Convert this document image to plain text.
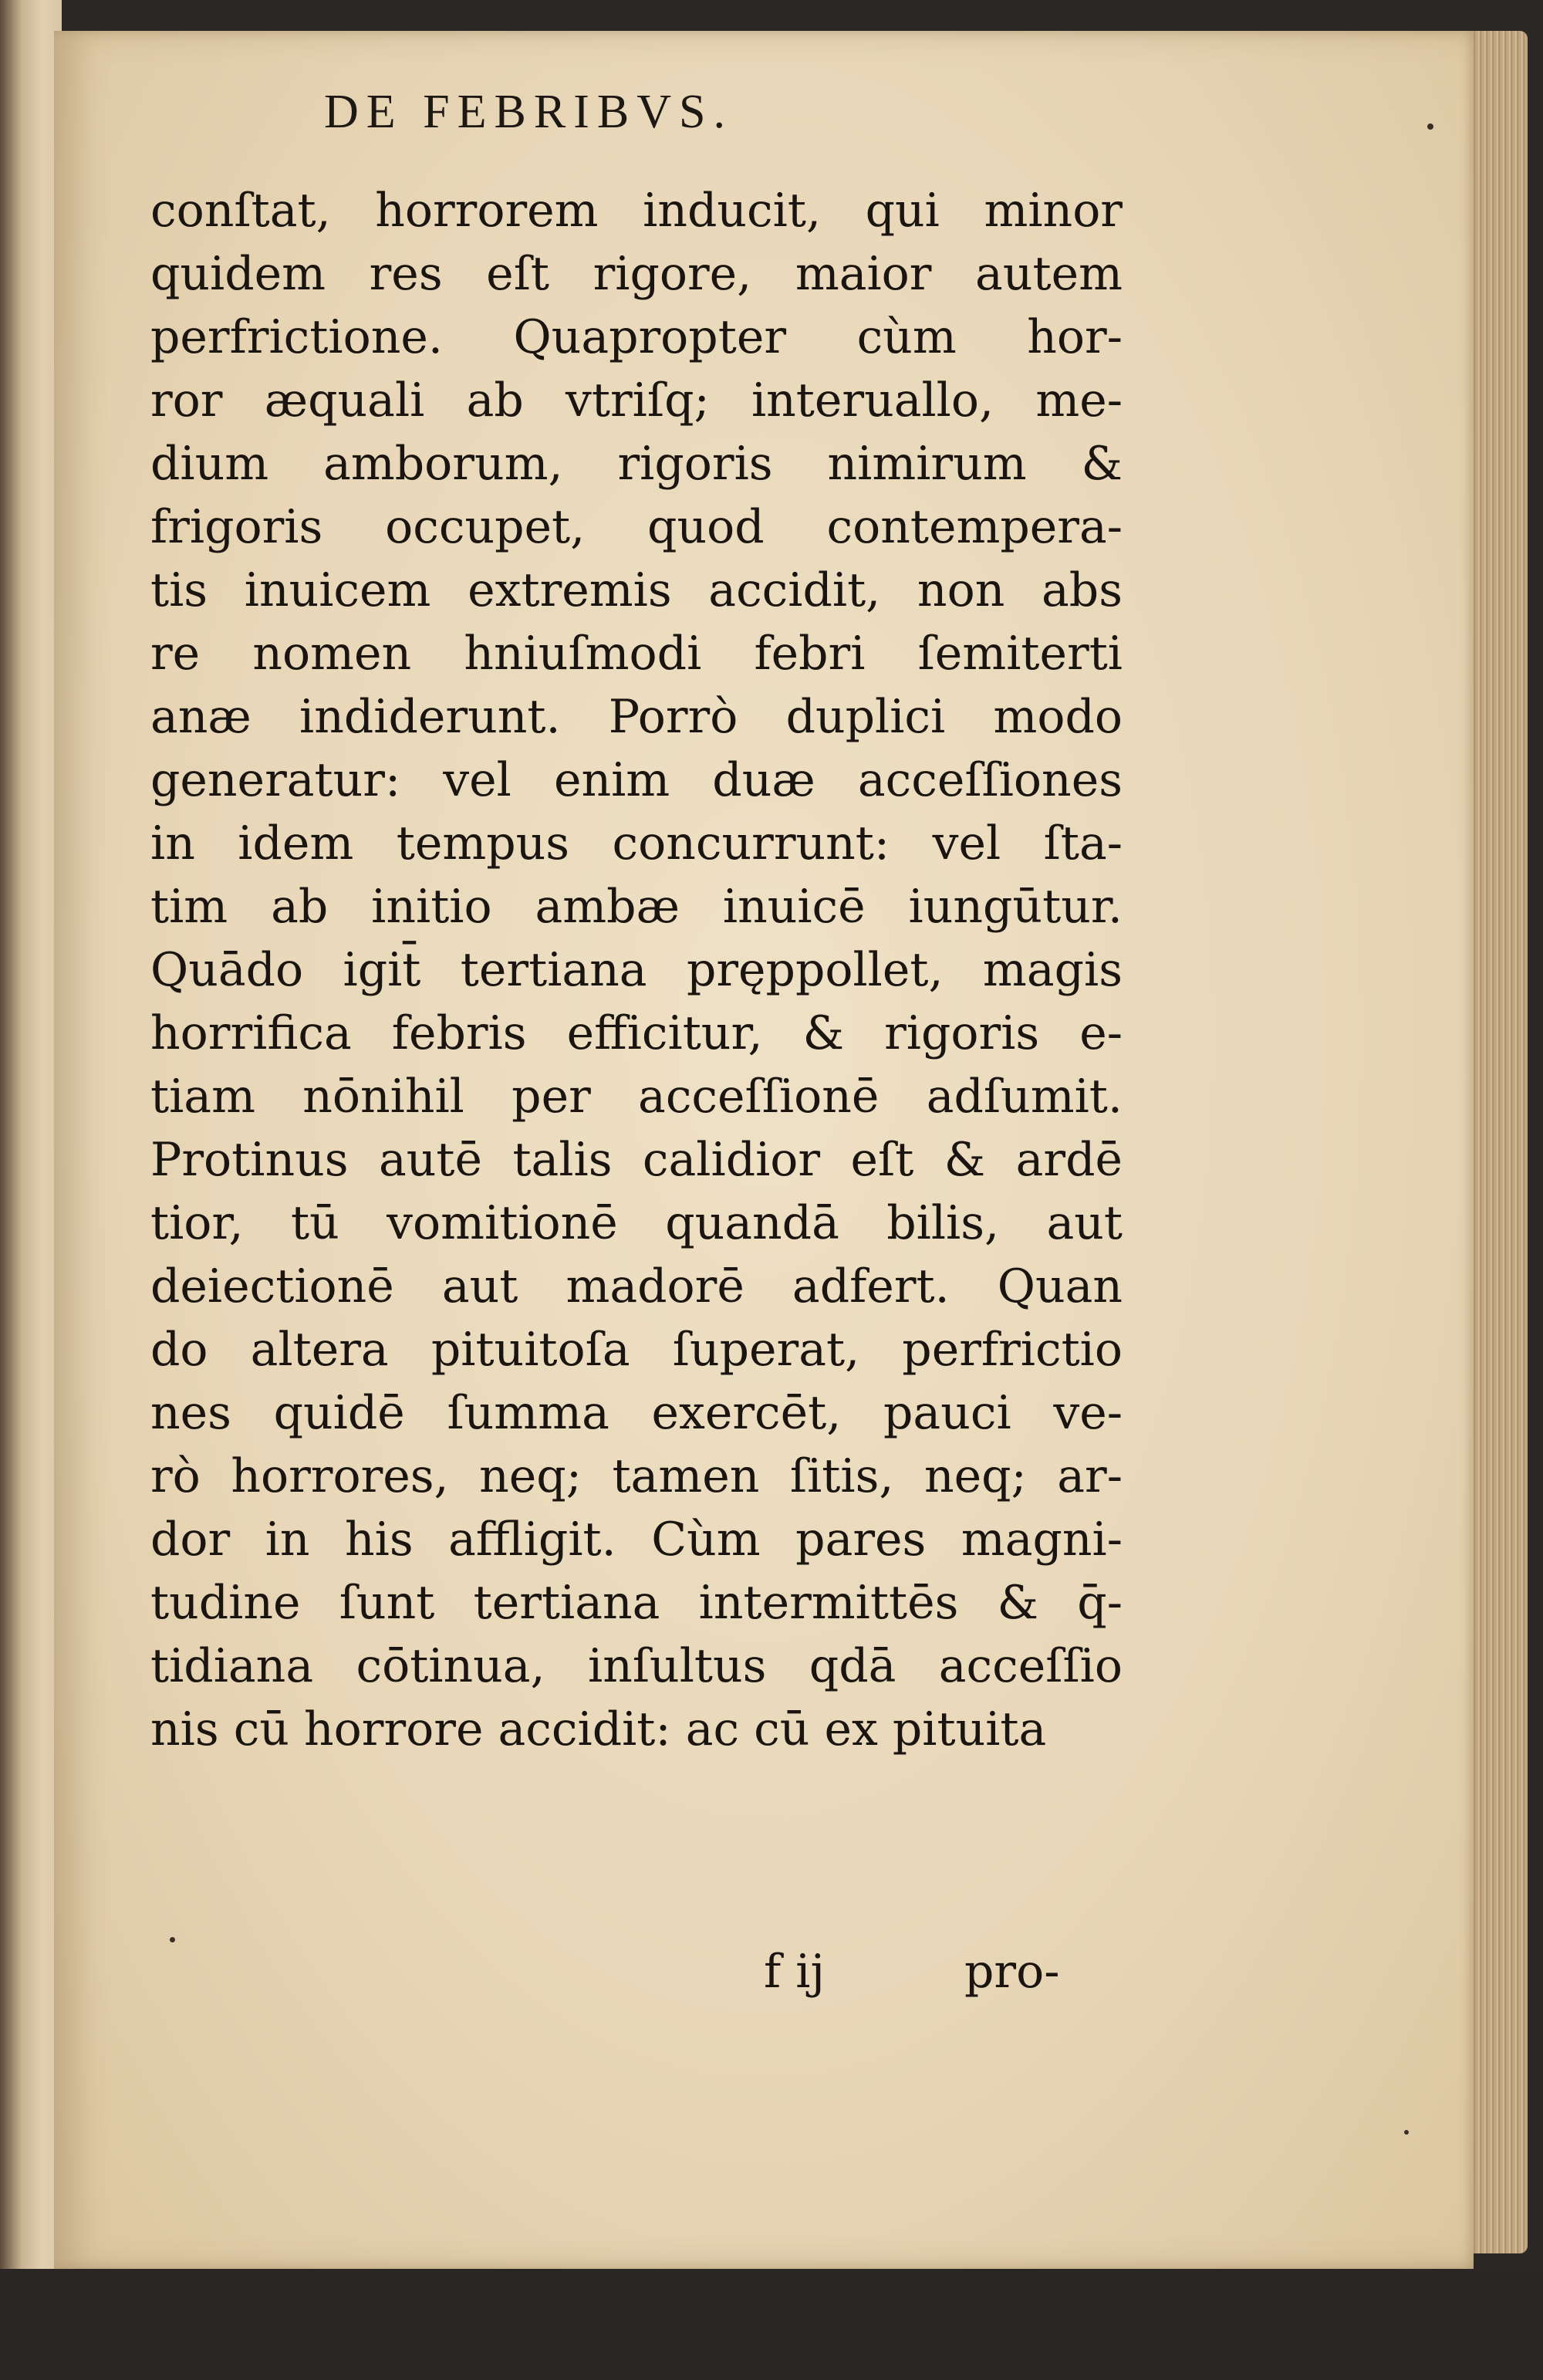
DE FEBRIBVS.
conſtat, horrorem inducit, qui minor
quidem res eſt rigore, maior autem
perfrictione. Quapropter cùm hor-
ror æquali ab vtriſq; interuallo, me-
dium amborum, rigoris nimirum &
frigoris occupet, quod contempera-
tis inuicem extremis accidit, non abs
re nomen hniuſmodi febri ſemiterti
anæ indiderunt. Porrò duplici modo
generatur: vel enim duæ acceſſiones
in idem tempus concurrunt: vel ſta-
tim ab initio ambæ inuicē iungūtur.
Quādo igit̄ tertiana pręppollet, magis
horrifica febris efficitur, & rigoris e-
tiam nōnihil per acceſſionē adſumit.
Protinus autē talis calidior eſt & ardē
tior, tū vomitionē quandā bilis, aut
deiectionē aut madorē adfert. Quan
do altera pituitoſa ſuperat, perfrictio
nes quidē ſumma exercēt, pauci ve-
rò horrores, neq; tamen ſitis, neq; ar-
dor in his affligit. Cùm pares magni-
tudine ſunt tertiana intermittēs & q̄-
tidiana cōtinua, inſultus qdā acceſſio
nis cū horrore accidit: ac cū ex pituita
f ij	pro-
